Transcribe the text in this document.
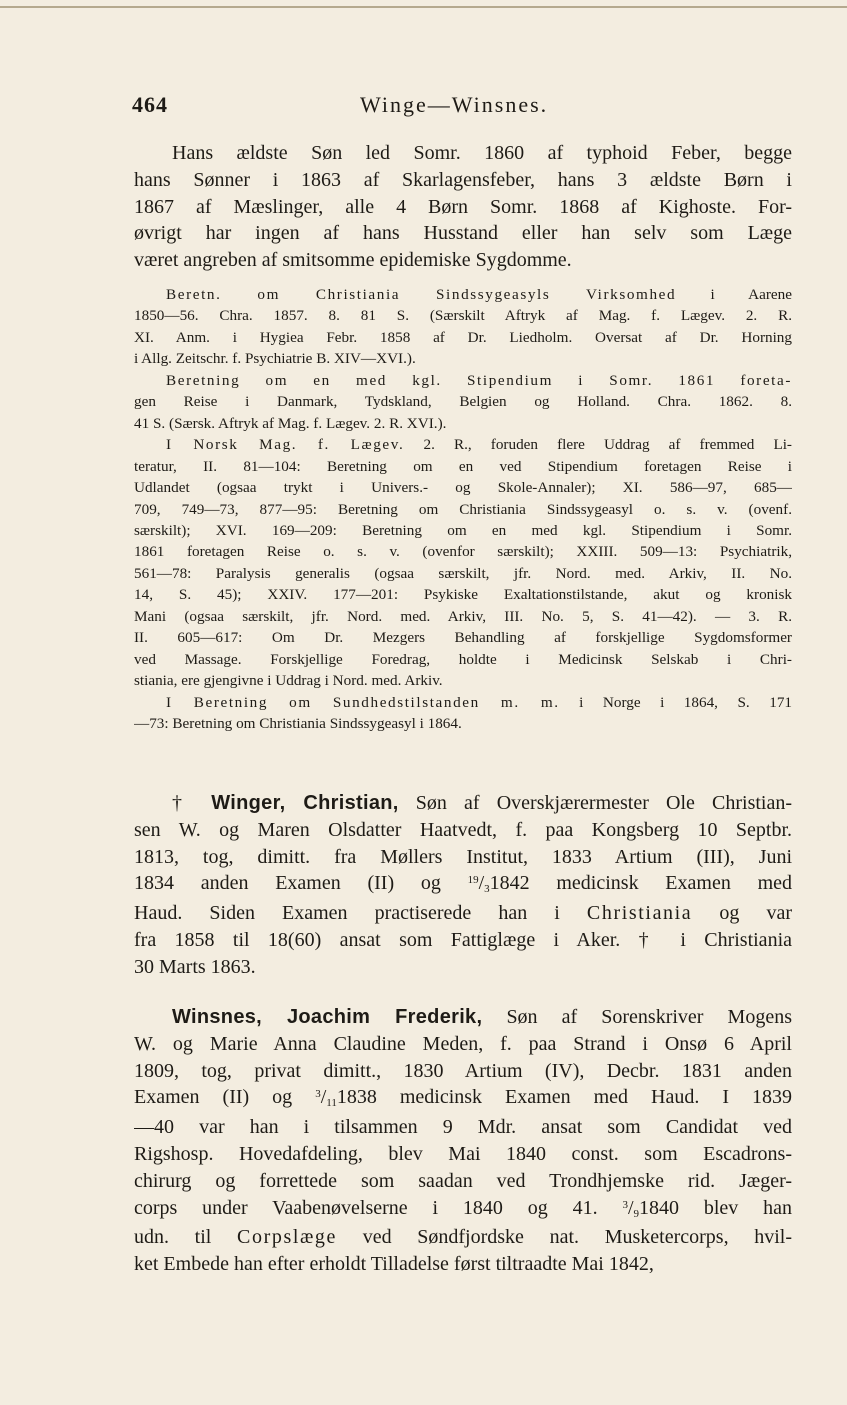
464	Winge—Winsnes.
Hans ældste Søn led Somr. 1860 af typhoid Feber, begge
hans Sønner i 1863 af Skarlagensfeber, hans 3 ældste Børn i
1867 af Mæslinger, alle 4 Børn Somr. 1868 af Kighoste. For-
øvrigt har ingen af hans Husstand eller han selv som Læge
været angreben af smitsomme epidemiske Sygdomme.
Beretn. om Christiania Sindssygeasyls Virksomhed i Aarene
1850—56. Chra. 1857. 8. 81 S. (Særskilt Aftryk af Mag. f. Lægev. 2. R.
XI. Anm. i Hygiea Febr. 1858 af Dr. Liedholm. Oversat af Dr. Horning
i Allg. Zeitschr. f. Psychiatrie B. XIV—XVI.).
Beretning om en med kgl. Stipendium i Somr. 1861 foreta-
gen Reise i Danmark, Tydskland, Belgien og Holland. Chra. 1862. 8.
41 S. (Særsk. Aftryk af Mag. f. Lægev. 2. R. XVI.).
I Norsk Mag. f. Lægev. 2. R., foruden flere Uddrag af fremmed Li-
teratur, II. 81—104: Beretning om en ved Stipendium foretagen Reise i
Udlandet (ogsaa trykt i Univers.- og Skole-Annaler); XI. 586—97, 685—
709, 749—73, 877—95: Beretning om Christiania Sindssygeasyl o. s. v. (ovenf.
særskilt); XVI. 169—209: Beretning om en med kgl. Stipendium i Somr.
1861 foretagen Reise o. s. v. (ovenfor særskilt); XXIII. 509—13: Psychiatrik,
561—78: Paralysis generalis (ogsaa særskilt, jfr. Nord. med. Arkiv, II. No.
14, S. 45); XXIV. 177—201: Psykiske Exaltationstilstande, akut og kronisk
Mani (ogsaa særskilt, jfr. Nord. med. Arkiv, III. No. 5, S. 41—42). — 3. R.
II. 605—617: Om Dr. Mezgers Behandling af forskjellige Sygdomsformer
ved Massage. Forskjellige Foredrag, holdte i Medicinsk Selskab i Chri-
stiania, ere gjengivne i Uddrag i Nord. med. Arkiv.
I Beretning om Sundhedstilstanden m. m. i Norge i 1864, S. 171
—73: Beretning om Christiania Sindssygeasyl i 1864.
† Winger, Christian, Søn af Overskjærermester Ole Christian-
sen W. og Maren Olsdatter Haatvedt, f. paa Kongsberg 10 Septbr.
1813, tog, dimitt. fra Møllers Institut, 1833 Artium (III), Juni
1834 anden Examen (II) og $^{19}$/31842 medicinsk Examen med
Haud. Siden Examen practiserede han i Christiania og var
fra 1858 til 18(60) ansat som Fattiglæge i Aker. † i Christiania
30 Marts 1863.
Winsnes, Joachim Frederik, Søn af Sorenskriver Mogens
W. og Marie Anna Claudine Meden, f. paa Strand i Onsø 6 April
1809, tog, privat dimitt., 1830 Artium (IV), Decbr. 1831 anden
Examen (II) og $^3$/111838 medicinsk Examen med Haud. I 1839
—40 var han i tilsammen 9 Mdr. ansat som Candidat ved
Rigshosp. Hovedafdeling, blev Mai 1840 const. som Escadrons-
chirurg og forrettede som saadan ved Trondhjemske rid. Jæger-
corps under Vaabenøvelserne i 1840 og 41. $^3$/91840 blev han
udn. til Corpslæge ved Søndfjordske nat. Musketercorps, hvil-
ket Embede han efter erholdt Tilladelse først tiltraadte Mai 1842,
